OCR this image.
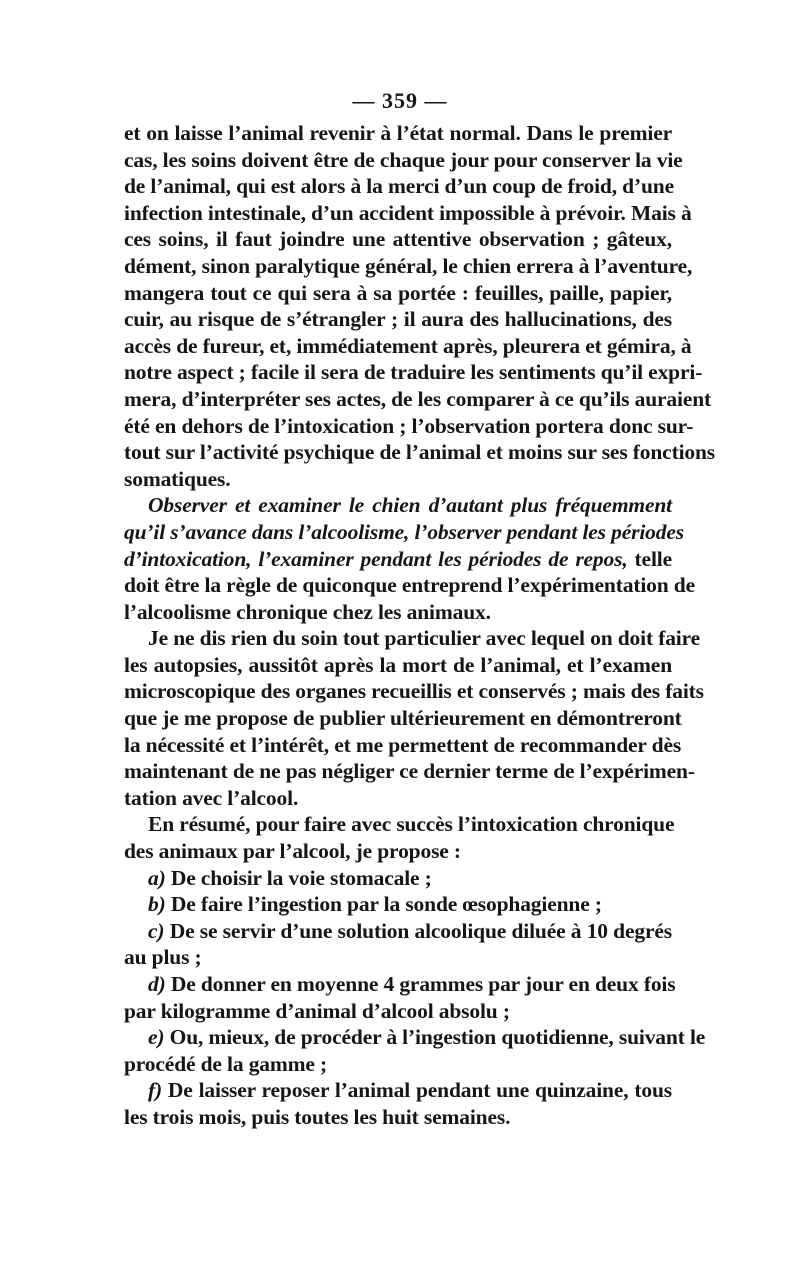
— 359 —
et on laisse l’animal revenir à l’état normal. Dans le premier
cas, les soins doivent être de chaque jour pour conserver la vie
de l’animal, qui est alors à la merci d’un coup de froid, d’une
infection intestinale, d’un accident impossible à prévoir. Mais à
ces soins, il faut joindre une attentive observation ; gâteux,
dément, sinon paralytique général, le chien errera à l’aventure,
mangera tout ce qui sera à sa portée : feuilles, paille, papier,
cuir, au risque de s’étrangler ; il aura des hallucinations, des
accès de fureur, et, immédiatement après, pleurera et gémira, à
notre aspect ; facile il sera de traduire les sentiments qu’il expri-
mera, d’interpréter ses actes, de les comparer à ce qu’ils auraient
été en dehors de l’intoxication ; l’observation portera donc sur-
tout sur l’activité psychique de l’animal et moins sur ses fonctions
somatiques.
Observer et examiner le chien d’autant plus fréquemment
qu’il s’avance dans l’alcoolisme, l’observer pendant les périodes
d’intoxication, l’examiner pendant les périodes de repos, telle
doit être la règle de quiconque entreprend l’expérimentation de
l’alcoolisme chronique chez les animaux.
Je ne dis rien du soin tout particulier avec lequel on doit faire
les autopsies, aussitôt après la mort de l’animal, et l’examen
microscopique des organes recueillis et conservés ; mais des faits
que je me propose de publier ultérieurement en démontreront
la nécessité et l’intérêt, et me permettent de recommander dès
maintenant de ne pas négliger ce dernier terme de l’expérimen-
tation avec l’alcool.
En résumé, pour faire avec succès l’intoxication chronique
des animaux par l’alcool, je propose :
a) De choisir la voie stomacale ;
b) De faire l’ingestion par la sonde œsophagienne ;
c) De se servir d’une solution alcoolique diluée à 10 degrés
au plus ;
d) De donner en moyenne 4 grammes par jour en deux fois
par kilogramme d’animal d’alcool absolu ;
e) Ou, mieux, de procéder à l’ingestion quotidienne, suivant le
procédé de la gamme ;
f) De laisser reposer l’animal pendant une quinzaine, tous
les trois mois, puis toutes les huit semaines.
